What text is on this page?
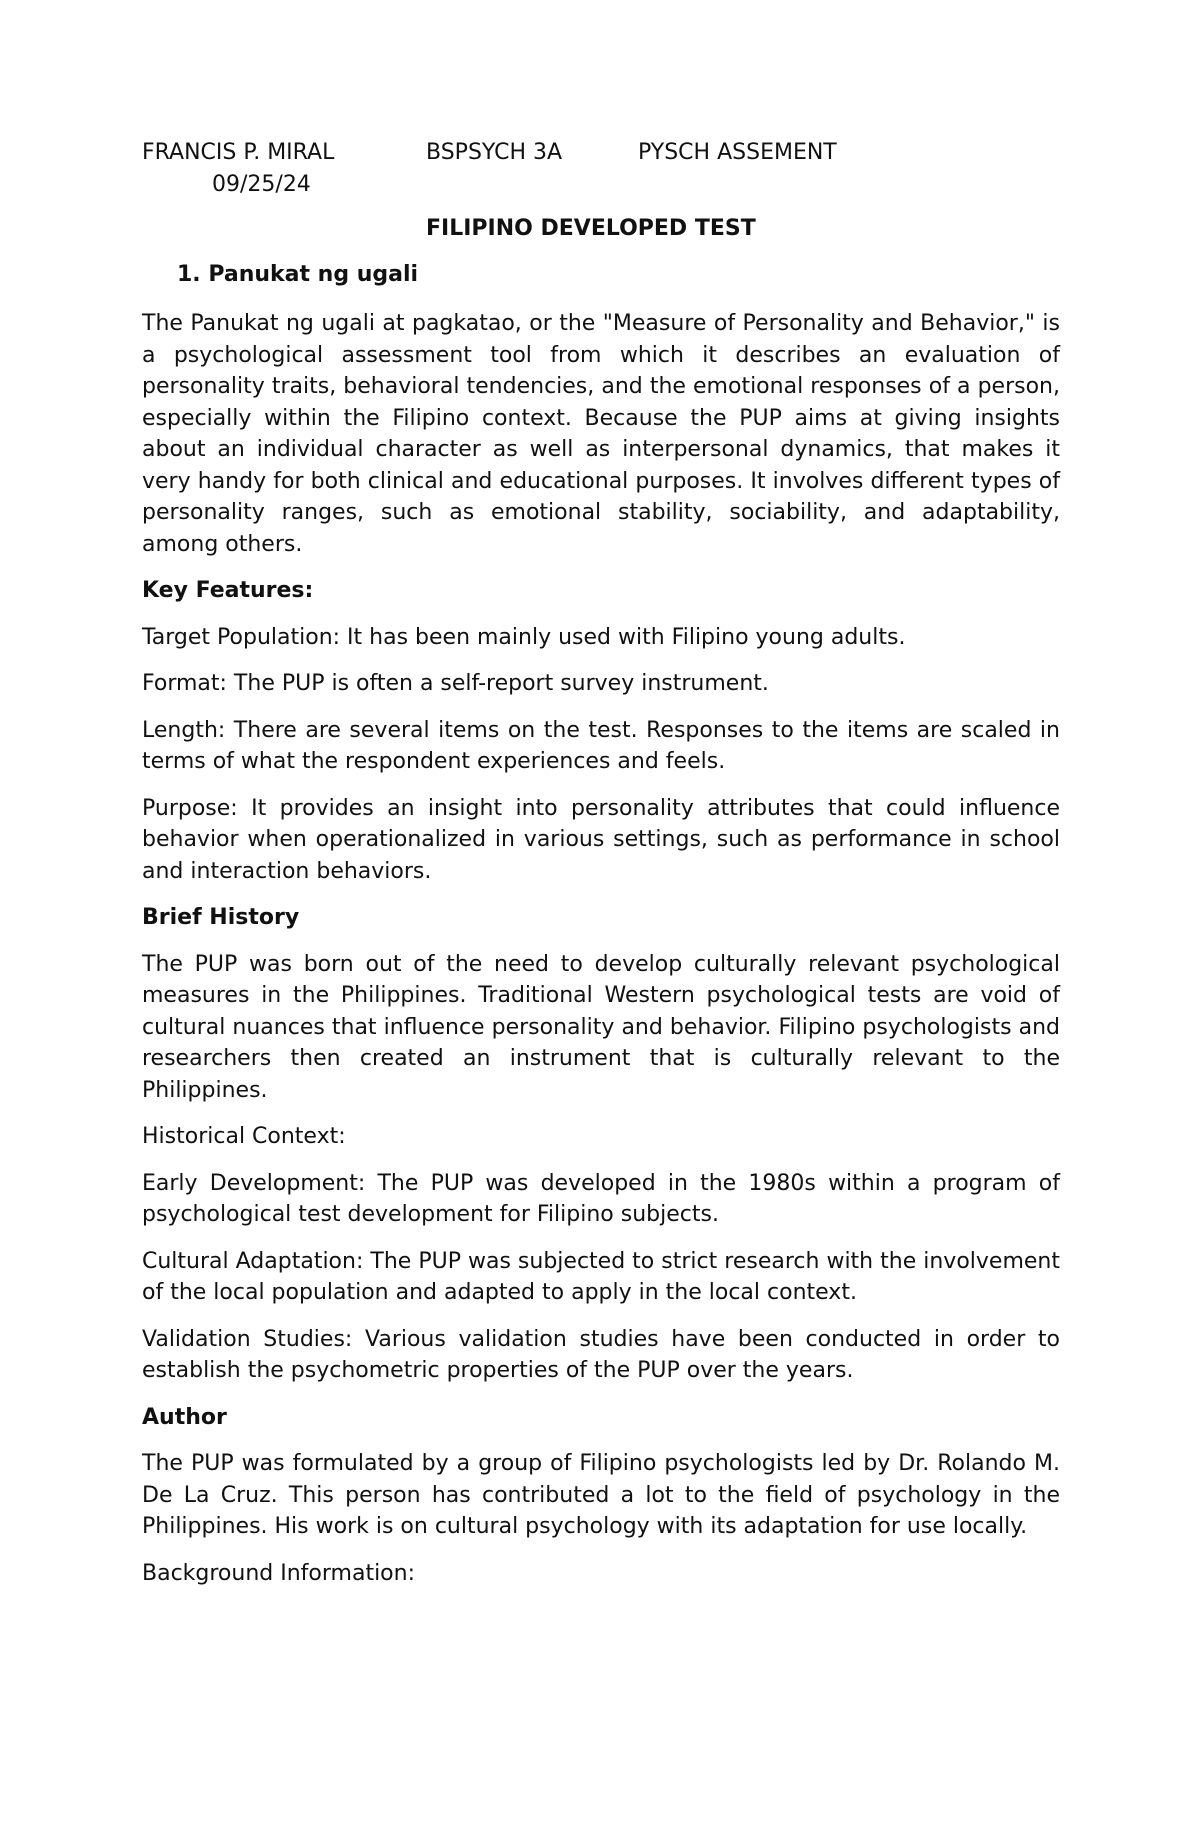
FRANCIS P. MIRAL	BSPSYCH 3A	PYSCH ASSEMENT
09/25/24
FILIPINO DEVELOPED TEST
1. Panukat ng ugali

The Panukat ng ugali at pagkatao, or the "Measure of Personality and Behavior," is a psychological assessment tool from which it describes an evaluation of personality traits, behavioral tendencies, and the emotional responses of a person, especially within the Filipino context. Because the PUP aims at giving insights about an individual character as well as interpersonal dynamics, that makes it very handy for both clinical and educational purposes. It involves different types of personality ranges, such as emotional stability, sociability, and adaptability, among others.

Key Features:

Target Population: It has been mainly used with Filipino young adults.

Format: The PUP is often a self-report survey instrument.

Length: There are several items on the test. Responses to the items are scaled in terms of what the respondent experiences and feels.

Purpose: It provides an insight into personality attributes that could influence behavior when operationalized in various settings, such as performance in school and interaction behaviors.

Brief History

The PUP was born out of the need to develop culturally relevant psychological measures in the Philippines. Traditional Western psychological tests are void of cultural nuances that influence personality and behavior. Filipino psychologists and researchers then created an instrument that is culturally relevant to the Philippines.

Historical Context:

Early Development: The PUP was developed in the 1980s within a program of psychological test development for Filipino subjects.

Cultural Adaptation: The PUP was subjected to strict research with the involvement of the local population and adapted to apply in the local context.

Validation Studies: Various validation studies have been conducted in order to establish the psychometric properties of the PUP over the years.

Author

The PUP was formulated by a group of Filipino psychologists led by Dr. Rolando M. De La Cruz. This person has contributed a lot to the field of psychology in the Philippines. His work is on cultural psychology with its adaptation for use locally.

Background Information:
